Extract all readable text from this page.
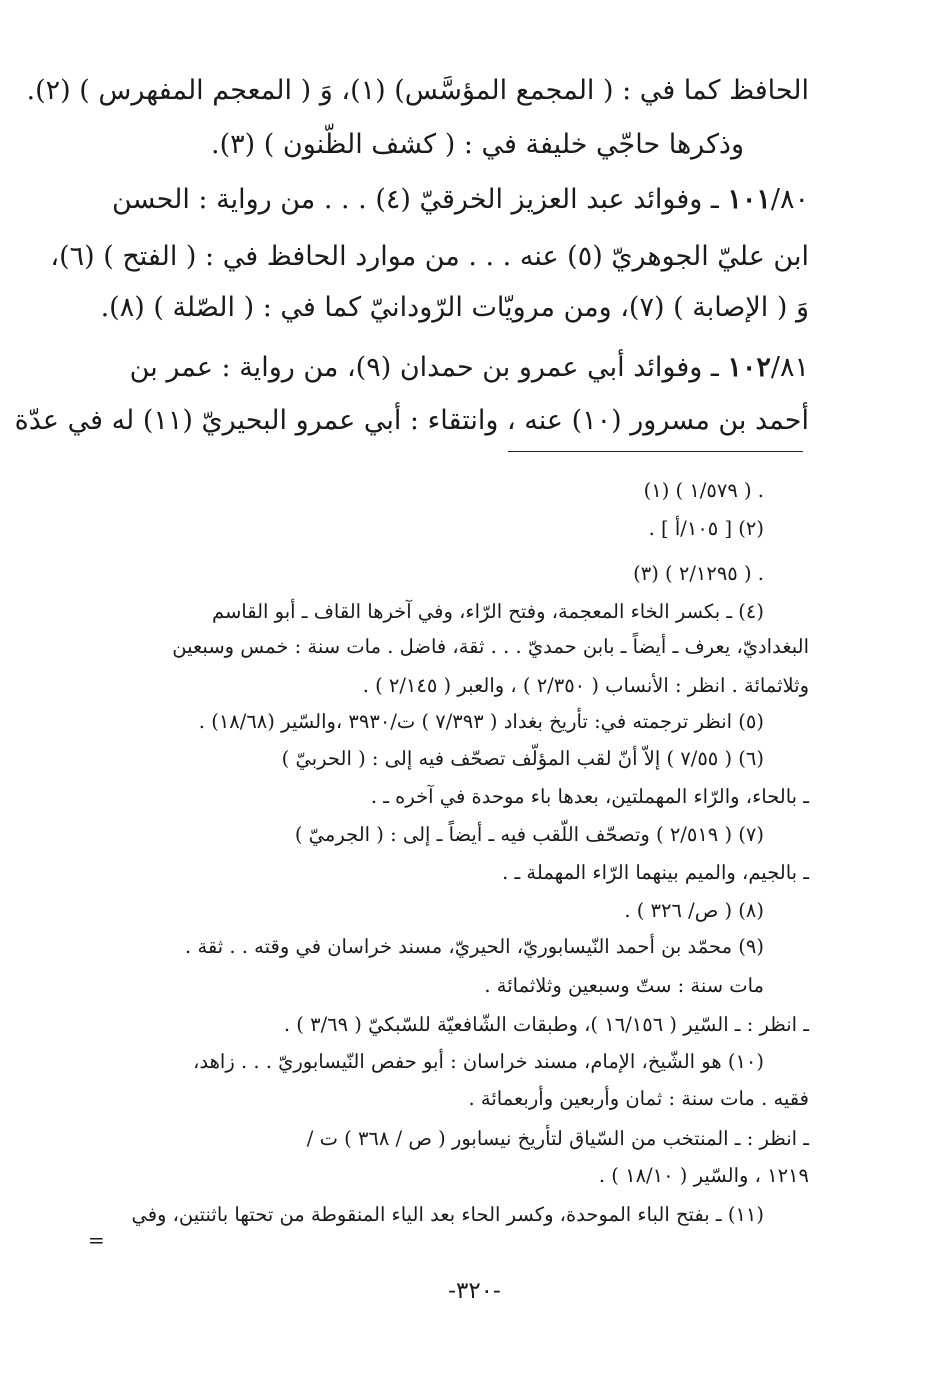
الحافظ كما في : ( المجمع المؤسَّس) (١)، وَ ( المعجم المفهرس ) (٢).
وذكرها حاجّي خليفة في : ( كشف الظّنون ) (٣).
١٠١/٨٠ ـ وفوائد عبد العزيز الخرقيّ (٤) . . . من رواية : الحسن
ابن عليّ الجوهريّ (٥) عنه . . . من موارد الحافظ في : ( الفتح ) (٦)،
وَ ( الإصابة ) (٧)، ومن مرويّات الرّودانيّ كما في : ( الصّلة ) (٨).
١٠٢/٨١ ـ وفوائد أبي عمرو بن حمدان (٩)، من رواية : عمر بن
أحمد بن مسرور (١٠) عنه ، وانتقاء : أبي عمرو البحيريّ (١١) له في عدّة
(١) ( ١/٥٧٩ ) .
(٢) [ ١٠٥/أ ] .
(٣) ( ٢/١٢٩٥ ) .
(٤) ـ بكسر الخاء المعجمة، وفتح الرّاء، وفي آخرها القاف ـ أبو القاسم
البغداديّ، يعرف ـ أيضاً ـ بابن حمديّ . . . ثقة، فاضل . مات سنة : خمس وسبعين
وثلاثمائة . انظر : الأنساب ( ٢/٣٥٠ ) ، والعبر ( ٢/١٤٥ ) .
(٥) انظر ترجمته في: تأريخ بغداد ( ٧/٣٩٣ ) ت/٣٩٣٠ ،والسّير (١٨/٦٨) .
(٦) ( ٧/٥٥ ) إلاّ أنّ لقب المؤلّف تصحّف فيه إلى : ( الحربيّ )
ـ بالحاء، والرّاء المهملتين، بعدها باء موحدة في آخره ـ .
(٧) ( ٢/٥١٩ ) وتصحّف اللّقب فيه ـ أيضاً ـ إلى : ( الجرميّ )
ـ بالجيم، والميم بينهما الرّاء المهملة ـ .
(٨) ( ص/ ٣٢٦ ) .
(٩) محمّد بن أحمد النّيسابوريّ، الحيريّ، مسند خراسان في وقته . . ثقة .
مات سنة : ستّ وسبعين وثلاثمائة .
ـ انظر : ـ السّير ( ١٦/١٥٦ )، وطبقات الشّافعيّة للسّبكيّ ( ٣/٦٩ ) .
(١٠) هو الشّيخ، الإمام، مسند خراسان : أبو حفص النّيسابوريّ . . . زاهد،
فقيه . مات سنة : ثمان وأربعين وأربعمائة .
ـ انظر : ـ المنتخب من السّياق لتأريخ نيسابور ( ص / ٣٦٨ ) ت /
١٢١٩ ، والسّير ( ١٨/١٠ ) .
(١١) ـ بفتح الباء الموحدة، وكسر الحاء بعد الياء المنقوطة من تحتها باثنتين، وفي
=
-٣٢٠-
